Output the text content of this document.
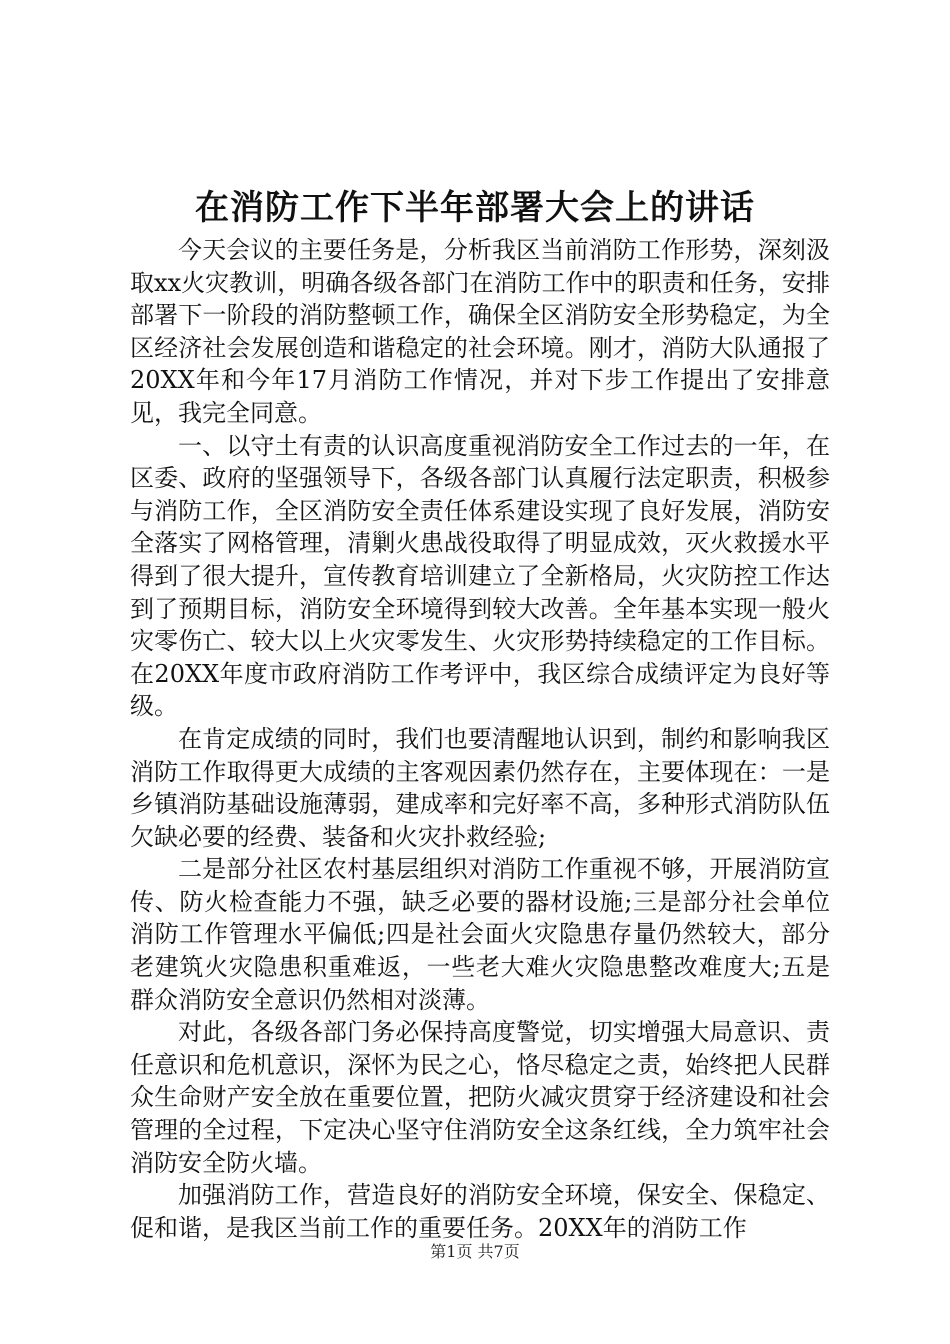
在消防工作下半年部署大会上的讲话

今天会议的主要任务是，分析我区当前消防工作形势，深刻汲取xx火灾教训，明确各级各部门在消防工作中的职责和任务，安排部署下一阶段的消防整顿工作，确保全区消防安全形势稳定，为全区经济社会发展创造和谐稳定的社会环境。刚才，消防大队通报了20XX年和今年17月消防工作情况，并对下步工作提出了安排意见，我完全同意。

一、以守土有责的认识高度重视消防安全工作过去的一年，在区委、政府的坚强领导下，各级各部门认真履行法定职责，积极参与消防工作，全区消防安全责任体系建设实现了良好发展，消防安全落实了网格管理，清剿火患战役取得了明显成效，灭火救援水平得到了很大提升，宣传教育培训建立了全新格局，火灾防控工作达到了预期目标，消防安全环境得到较大改善。全年基本实现一般火灾零伤亡、较大以上火灾零发生、火灾形势持续稳定的工作目标。在20XX年度市政府消防工作考评中，我区综合成绩评定为良好等级。

在肯定成绩的同时，我们也要清醒地认识到，制约和影响我区消防工作取得更大成绩的主客观因素仍然存在，主要体现在：一是乡镇消防基础设施薄弱，建成率和完好率不高，多种形式消防队伍欠缺必要的经费、装备和火灾扑救经验;

二是部分社区农村基层组织对消防工作重视不够，开展消防宣传、防火检查能力不强，缺乏必要的器材设施;三是部分社会单位消防工作管理水平偏低;四是社会面火灾隐患存量仍然较大，部分老建筑火灾隐患积重难返，一些老大难火灾隐患整改难度大;五是群众消防安全意识仍然相对淡薄。

对此，各级各部门务必保持高度警觉，切实增强大局意识、责任意识和危机意识，深怀为民之心，恪尽稳定之责，始终把人民群众生命财产安全放在重要位置，把防火减灾贯穿于经济建设和社会管理的全过程，下定决心坚守住消防安全这条红线，全力筑牢社会消防安全防火墙。

加强消防工作，营造良好的消防安全环境，保安全、保稳定、促和谐，是我区当前工作的重要任务。20XX年的消防工作

第1页 共7页
